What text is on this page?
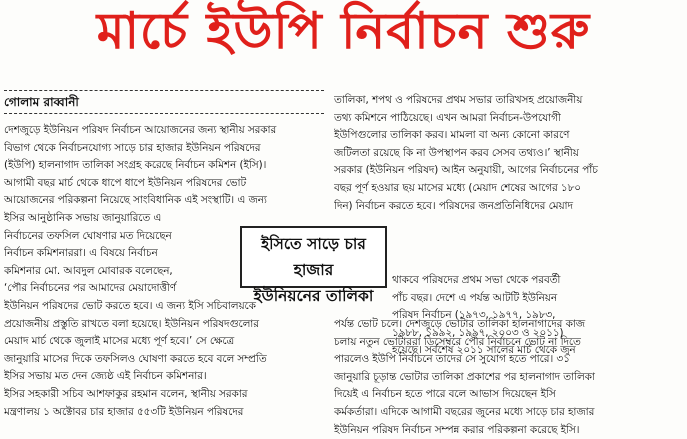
মার্চে ইউপি নির্বাচন শুরু
গোলাম রাব্বানী
দেশজুড়ে ইউনিয়ন পরিষদ নির্বাচন আয়োজনের জন্য স্থানীয় সরকার
বিভাগ থেকে নির্বাচনযোগ্য সাড়ে চার হাজার ইউনিয়ন পরিষদের
(ইউপি) হালনাগাদ তালিকা সংগ্রহ করেছে নির্বাচন কমিশন (ইসি)।
আগামী বছর মার্চ থেকে ধাপে ধাপে ইউনিয়ন পরিষদের ভোট
আয়োজনের পরিকল্পনা নিয়েছে সাংবিধানিক এই সংস্থাটি। এ জন্য
ইসির আনুষ্ঠানিক সভায় জানুয়ারিতে এ
নির্বাচনের তফসিল ঘোষণার মত দিয়েছেন
নির্বাচন কমিশনাররা। এ বিষয়ে নির্বাচন
কমিশনার মো. আবদুল মোবারক বলেছেন,
‘পৌর নির্বাচনের পর আমাদের মেয়াদোত্তীর্ণ
ইউনিয়ন পরিষদের ভোট করতে হবে। এ জন্য ইসি সচিবালয়কে
প্রয়োজনীয় প্রস্তুতি রাখতে বলা হয়েছে। ইউনিয়ন পরিষদগুলোর
মেয়াদ মার্চ থেকে জুলাই মাসের মধ্যে পূর্ণ হবে।’ সে ক্ষেত্রে
জানুয়ারি মাসের দিকে তফসিলও ঘোষণা করতে হবে বলে সম্প্রতি
ইসির সভায় মত দেন জ্যেষ্ঠ এই নির্বাচন কমিশনার।
ইসির সহকারী সচিব আশফাকুর রহমান বলেন, স্থানীয় সরকার
মন্ত্রণালয় ১ অক্টোবর চার হাজার ৫৫৩টি ইউনিয়ন পরিষদের
তালিকা, শপথ ও পরিষদের প্রথম সভার তারিখসহ প্রয়োজনীয়
তথ্য কমিশনে পাঠিয়েছে। এখন আমরা নির্বাচন-উপযোগী
ইউপিগুলোর তালিকা করব। মামলা বা অন্য কোনো কারণে
জটিলতা রয়েছে কি না উপস্থাপন করব সেসব তথ্যও।’ স্থানীয়
সরকার (ইউনিয়ন পরিষদ) আইন অনুযায়ী, আগের নির্বাচনের পাঁচ
বছর পূর্ণ হওয়ার ছয় মাসের মধ্যে (মেয়াদ শেষের আগের ১৮০
দিন) নির্বাচন করতে হবে। পরিষদের জনপ্রতিনিধিদের মেয়াদ
থাকবে পরিষদের প্রথম সভা থেকে পরবর্তী
পাঁচ বছর। দেশে এ পর্যন্ত আটটি ইউনিয়ন
পরিষদ নির্বাচন (১৯৭৩, ১৯৭৭, ১৯৮৩,
১৯৮৮, ১৯৯২, ১৯৯৭, ২০০৩ ও ২০১১)
হয়েছে। সর্বশেষ ২০১১ সালের মার্চ থেকে জুন
পর্যন্ত ভোট চলে। দেশজুড়ে ভোটার তালিকা হালনাগাদের কাজ
চলায় নতুন ভোটাররা ডিসেম্বরে পৌর নির্বাচনে ভোট না দিতে
পারলেও ইউপি নির্বাচনে তাদের সে সুযোগ হতে পারে। ৩১
জানুয়ারি চূড়ান্ত ভোটার তালিকা প্রকাশের পর হালনাগাদ তালিকা
দিয়েই এ নির্বাচন হতে পারে বলে আভাস দিয়েছেন ইসি
কর্মকর্তারা। এদিকে আগামী বছরের জুনের মধ্যে সাড়ে চার হাজার
ইউনিয়ন পরিষদ নির্বাচন সম্পন্ন করার পরিকল্পনা করেছে ইসি।
ইসিতে সাড়ে চার হাজার
ইউনিয়নের তালিকা
